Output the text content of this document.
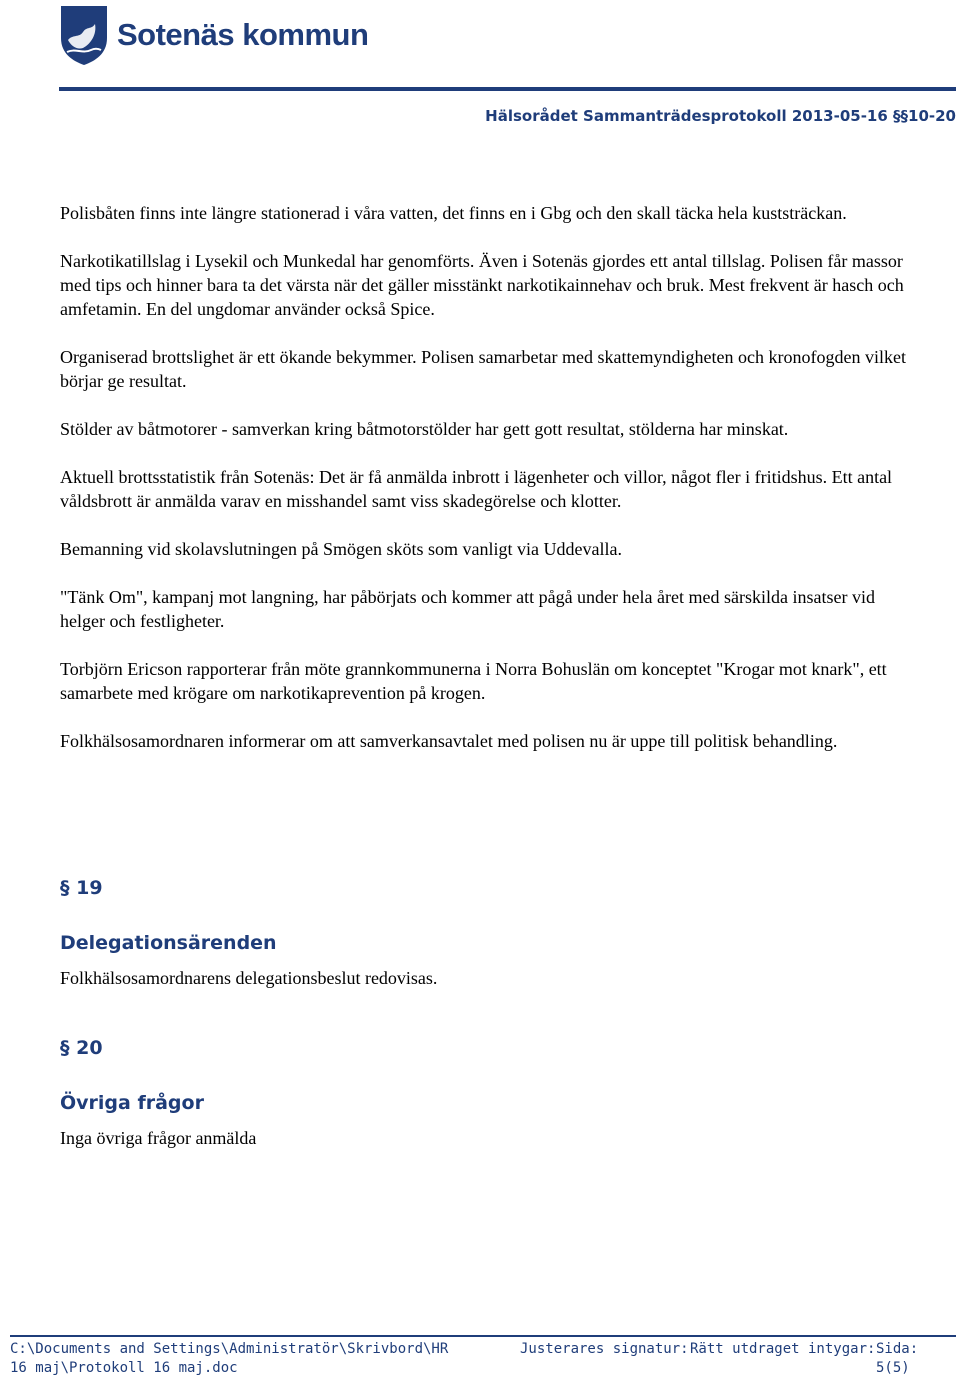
Sotenäs kommun
Hälsorådet Sammanträdesprotokoll 2013-05-16 §§10-20

Polisbåten finns inte längre stationerad i våra vatten, det finns en i Gbg och den skall täcka hela kuststräckan.

Narkotikatillslag i Lysekil och Munkedal har genomförts. Även i Sotenäs gjordes ett antal tillslag. Polisen får massor med tips och hinner bara ta det värsta när det gäller misstänkt narkotikainnehav och bruk. Mest frekvent är hasch och amfetamin. En del ungdomar använder också Spice.

Organiserad brottslighet är ett ökande bekymmer. Polisen samarbetar med skattemyndigheten och kronofogden vilket börjar ge resultat.

Stölder av båtmotorer - samverkan kring båtmotorstölder har gett gott resultat, stölderna har minskat.

Aktuell brottsstatistik från Sotenäs: Det är få anmälda inbrott i lägenheter och villor, något fler i fritidshus. Ett antal våldsbrott är anmälda varav en misshandel samt viss skadegörelse och klotter.

Bemanning vid skolavslutningen på Smögen sköts som vanligt via Uddevalla.

"Tänk Om", kampanj mot langning, har påbörjats och kommer att pågå under hela året med särskilda insatser vid helger och festligheter.

Torbjörn Ericson rapporterar från möte grannkommunerna i Norra Bohuslän om konceptet "Krogar mot knark", ett samarbete med krögare om narkotikaprevention på krogen.

Folkhälsosamordnaren informerar om att samverkansavtalet med polisen nu är uppe till politisk behandling.

§ 19
Delegationsärenden
Folkhälsosamordnarens delegationsbeslut redovisas.
§ 20
Övriga frågor
Inga övriga frågor anmälda
C:\Documents and Settings\Administratör\Skrivbord\HR 16 maj\Protokoll 16 maj.doc
Justerares signatur: Rätt utdraget intygar: Sida: 5(5)
